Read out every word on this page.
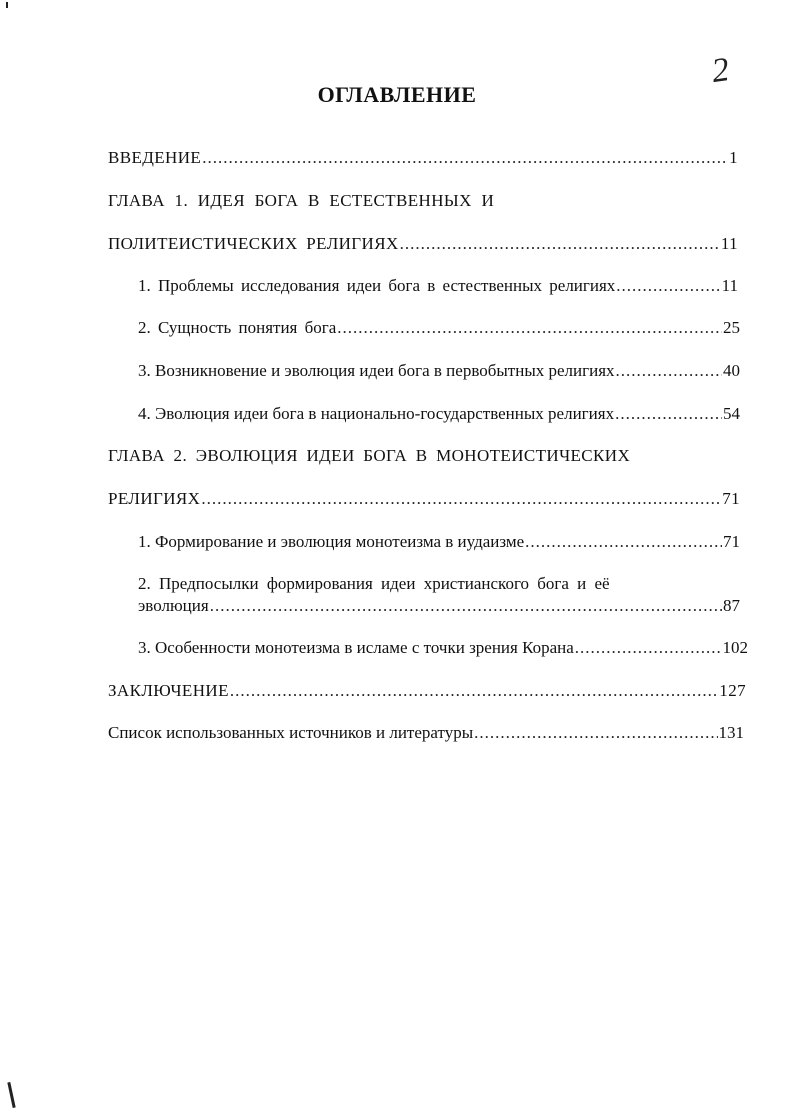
2
ОГЛАВЛЕНИЕ
ВВЕДЕНИЕ .....	1
ГЛАВА 1. ИДЕЯ БОГА В ЕСТЕСТВЕННЫХ И
ПОЛИТЕИСТИЧЕСКИХ РЕЛИГИЯХ .....	11
1. Проблемы исследования идеи бога в естественных религиях .....	11
2. Сущность понятия бога .....	25
3. Возникновение и эволюция идеи бога в первобытных религиях .....	40
4. Эволюция идеи бога в национально-государственных религиях .....	54
ГЛАВА 2. ЭВОЛЮЦИЯ ИДЕИ БОГА В МОНОТЕИСТИЧЕСКИХ
РЕЛИГИЯХ .....	71
1. Формирование и эволюция монотеизма в иудаизме .....	71
2. Предпосылки формирования идеи христианского бога и её
эволюция .....	87
3. Особенности монотеизма в исламе с точки зрения Корана .....	102
ЗАКЛЮЧЕНИЕ .....	127
Список использованных источников и литературы .....	131
